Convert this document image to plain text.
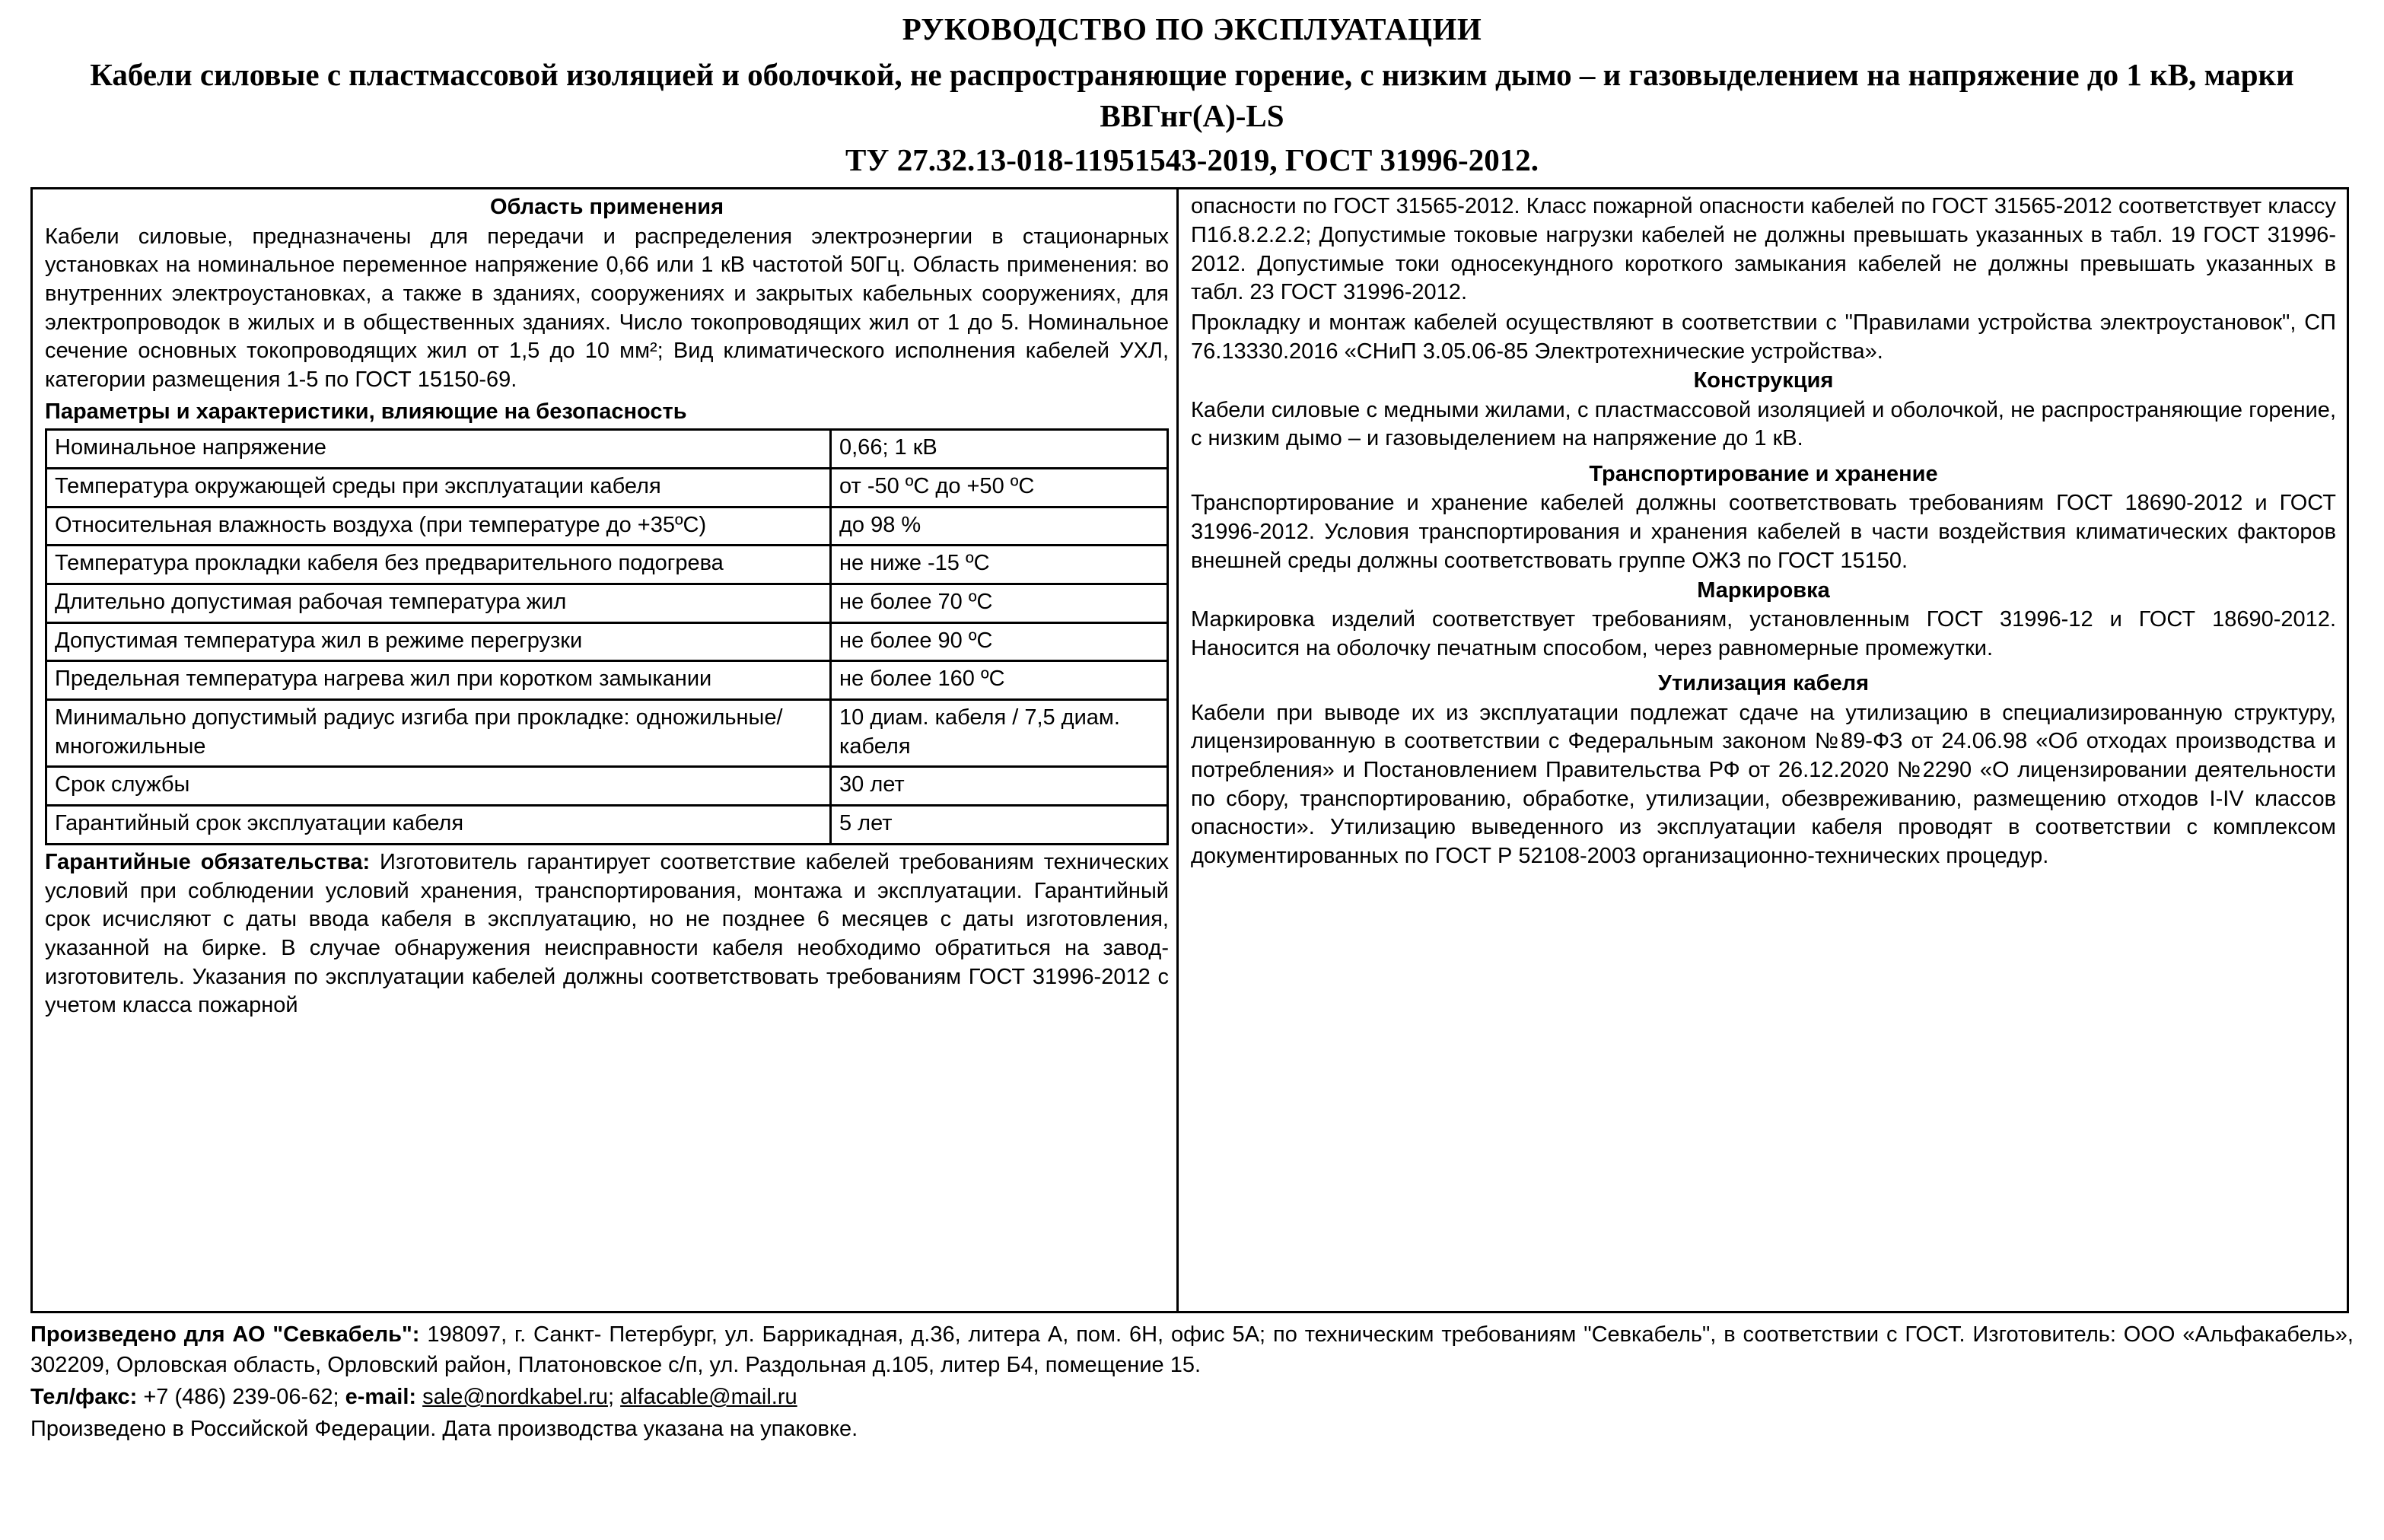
РУКОВОДСТВО ПО ЭКСПЛУАТАЦИИ
Кабели силовые с пластмассовой изоляцией и оболочкой, не распространяющие горение, с низким дымо – и газовыделением на напряжение до 1 кВ, марки ВВГнг(А)-LS
ТУ 27.32.13-018-11951543-2019, ГОСТ 31996-2012.
Область применения
Кабели силовые, предназначены для передачи и распределения электроэнергии в стационарных установках на номинальное переменное напряжение 0,66 или 1 кВ частотой 50Гц. Область применения: во внутренних электроустановках, а также в зданиях, сооружениях и закрытых кабельных сооружениях, для электропроводок в жилых и в общественных зданиях. Число токопроводящих жил от 1 до 5. Номинальное сечение основных токопроводящих жил от 1,5 до 10 мм²; Вид климатического исполнения кабелей УХЛ, категории размещения 1-5 по ГОСТ 15150-69.
Параметры и характеристики, влияющие на безопасность
Номинальное напряжение	0,66; 1 кВ
Температура окружающей среды при эксплуатации кабеля	от -50 ºC до +50 ºC
Относительная влажность воздуха (при температуре до +35ºC)	до 98 %
Температура прокладки кабеля без предварительного подогрева	не ниже -15 ºC
Длительно допустимая рабочая температура жил	не более 70 ºC
Допустимая температура жил в режиме перегрузки	не более 90 ºC
Предельная температура нагрева жил при коротком замыкании	не более 160 ºC
Минимально допустимый радиус изгиба при прокладке: одножильные/многожильные	10 диам. кабеля / 7,5 диам. кабеля
Срок службы	30 лет
Гарантийный срок эксплуатации кабеля	5 лет
Гарантийные обязательства: Изготовитель гарантирует соответствие кабелей требованиям технических условий при соблюдении условий хранения, транспортирования, монтажа и эксплуатации. Гарантийный срок исчисляют с даты ввода кабеля в эксплуатацию, но не позднее 6 месяцев с даты изготовления, указанной на бирке. В случае обнаружения неисправности кабеля необходимо обратиться на завод-изготовитель. Указания по эксплуатации кабелей должны соответствовать требованиям ГОСТ 31996-2012 с учетом класса пожарной
опасности по ГОСТ 31565-2012. Класс пожарной опасности кабелей по ГОСТ 31565-2012 соответствует классу П1б.8.2.2.2; Допустимые токовые нагрузки кабелей не должны превышать указанных в табл. 19 ГОСТ 31996-2012. Допустимые токи односекундного короткого замыкания кабелей не должны превышать указанных в табл. 23 ГОСТ 31996-2012.
Прокладку и монтаж кабелей осуществляют в соответствии с "Правилами устройства электроустановок", СП 76.13330.2016 «СНиП 3.05.06-85 Электротехнические устройства».
Конструкция
Кабели силовые с медными жилами, с пластмассовой изоляцией и оболочкой, не распространяющие горение, с низким дымо – и газовыделением на напряжение до 1 кВ.
Транспортирование и хранение
Транспортирование и хранение кабелей должны соответствовать требованиям ГОСТ 18690-2012 и ГОСТ 31996-2012. Условия транспортирования и хранения кабелей в части воздействия климатических факторов внешней среды должны соответствовать группе ОЖ3 по ГОСТ 15150.
Маркировка
Маркировка изделий соответствует требованиям, установленным ГОСТ 31996-12 и ГОСТ 18690-2012. Наносится на оболочку печатным способом, через равномерные промежутки.
Утилизация кабеля
Кабели при выводе их из эксплуатации подлежат сдаче на утилизацию в специализированную структуру, лицензированную в соответствии с Федеральным законом №89-ФЗ от 24.06.98 «Об отходах производства и потребления» и Постановлением Правительства РФ от 26.12.2020 №2290 «О лицензировании деятельности по сбору, транспортированию, обработке, утилизации, обезвреживанию, размещению отходов I-IV классов опасности». Утилизацию выведенного из эксплуатации кабеля проводят в соответствии с комплексом документированных по ГОСТ Р 52108-2003 организационно-технических процедур.
Произведено для АО "Севкабель": 198097, г. Санкт- Петербург, ул. Баррикадная, д.36, литера А, пом. 6Н, офис 5А; по техническим требованиям "Севкабель", в соответствии с ГОСТ. Изготовитель: ООО «Альфакабель», 302209, Орловская область, Орловский район, Платоновское с/п, ул. Раздольная д.105, литер Б4, помещение 15.
Тел/факс: +7 (486) 239-06-62; e-mail: sale@nordkabel.ru; alfacable@mail.ru
Произведено в Российской Федерации. Дата производства указана на упаковке.
